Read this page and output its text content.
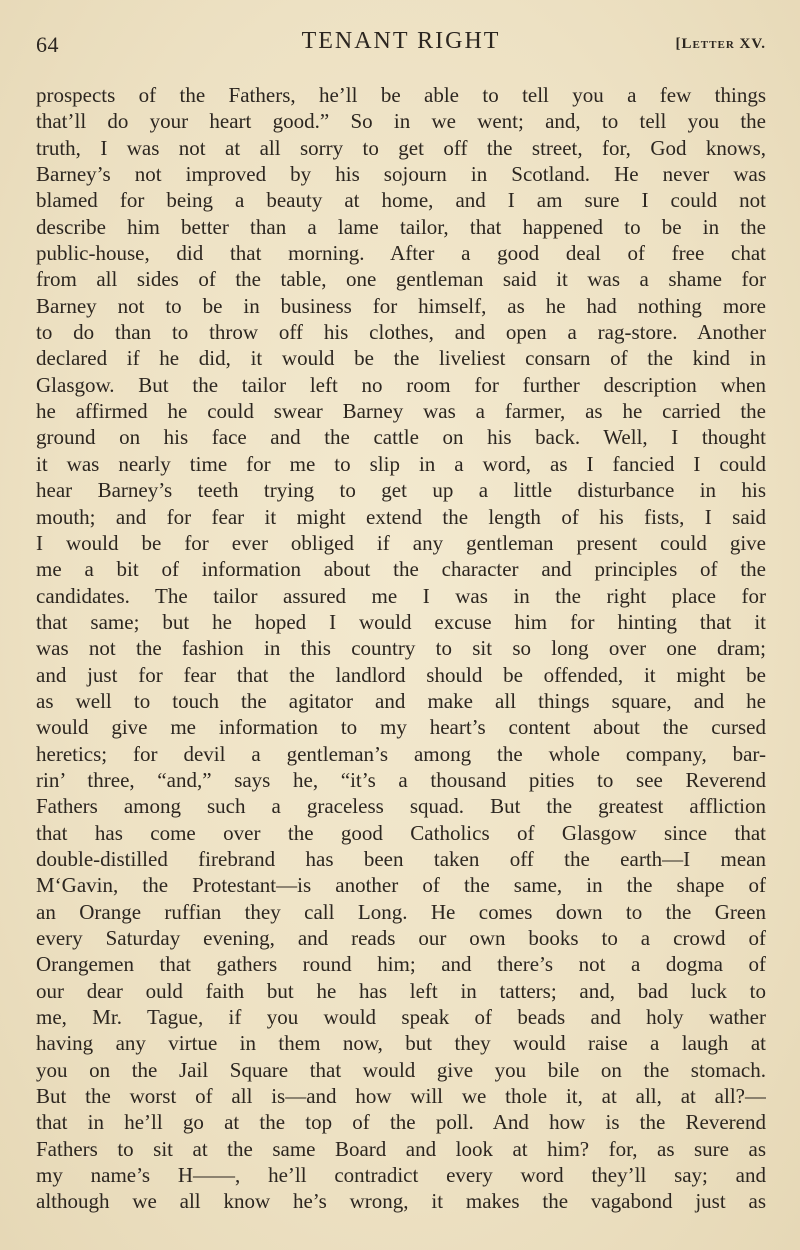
64	TENANT RIGHT	[Letter XV.
prospects of the Fathers, he’ll be able to tell you a few things
that’ll do your heart good.” So in we went; and, to tell you the
truth, I was not at all sorry to get off the street, for, God knows,
Barney’s not improved by his sojourn in Scotland. He never was
blamed for being a beauty at home, and I am sure I could not
describe him better than a lame tailor, that happened to be in the
public-house, did that morning. After a good deal of free chat
from all sides of the table, one gentleman said it was a shame for
Barney not to be in business for himself, as he had nothing more
to do than to throw off his clothes, and open a rag-store. Another
declared if he did, it would be the liveliest consarn of the kind in
Glasgow. But the tailor left no room for further description when
he affirmed he could swear Barney was a farmer, as he carried the
ground on his face and the cattle on his back. Well, I thought
it was nearly time for me to slip in a word, as I fancied I could
hear Barney’s teeth trying to get up a little disturbance in his
mouth; and for fear it might extend the length of his fists, I said
I would be for ever obliged if any gentleman present could give
me a bit of information about the character and principles of the
candidates. The tailor assured me I was in the right place for
that same; but he hoped I would excuse him for hinting that it
was not the fashion in this country to sit so long over one dram;
and just for fear that the landlord should be offended, it might be
as well to touch the agitator and make all things square, and he
would give me information to my heart’s content about the cursed
heretics; for devil a gentleman’s among the whole company, bar-
rin’ three, “and,” says he, “it’s a thousand pities to see Reverend
Fathers among such a graceless squad. But the greatest affliction
that has come over the good Catholics of Glasgow since that
double-distilled firebrand has been taken off the earth—I mean
M‘Gavin, the Protestant—is another of the same, in the shape of
an Orange ruffian they call Long. He comes down to the Green
every Saturday evening, and reads our own books to a crowd of
Orangemen that gathers round him; and there’s not a dogma of
our dear ould faith but he has left in tatters; and, bad luck to
me, Mr. Tague, if you would speak of beads and holy wather
having any virtue in them now, but they would raise a laugh at
you on the Jail Square that would give you bile on the stomach.
But the worst of all is—and how will we thole it, at all, at all?—
that in he’ll go at the top of the poll. And how is the Reverend
Fathers to sit at the same Board and look at him? for, as sure as
my name’s H——, he’ll contradict every word they’ll say; and
although we all know he’s wrong, it makes the vagabond just as
